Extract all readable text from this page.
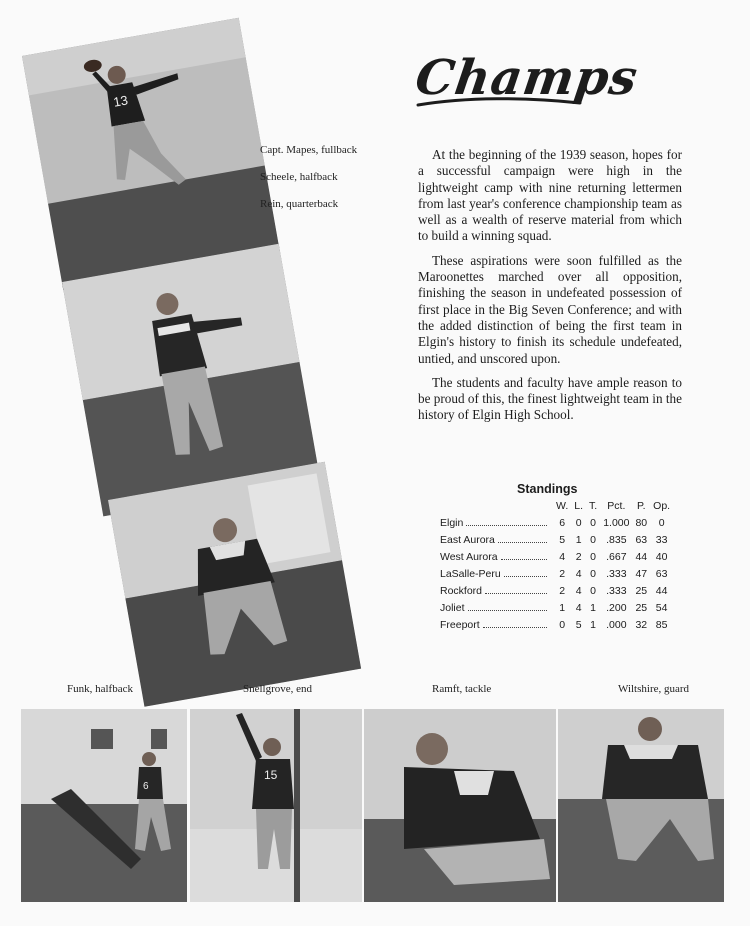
13
Capt. Mapes, fullback
Scheele, halfback
Rein, quarterback
Champs

At the beginning of the 1939 season, hopes for a successful campaign were high in the lightweight camp with nine returning lettermen from last year's conference championship team as well as a wealth of reserve material from which to build a winning squad.

These aspirations were soon fulfilled as the Maroonettes marched over all opposition, finishing the season in undefeated possession of first place in the Big Seven Conference; and with the added distinction of being the first team in Elgin's history to finish its schedule undefeated, untied, and unscored upon.

The students and faculty have ample reason to be proud of this, the finest lightweight team in the history of Elgin High School.

Standings
	W.	L.	T.	Pct.	P.	Op.
Elgin	6	0	0	1.000	80	0
East Aurora	5	1	0	.835	63	33
West Aurora	4	2	0	.667	44	40
LaSalle-Peru	2	4	0	.333	47	63
Rockford	2	4	0	.333	25	44
Joliet	1	4	1	.200	25	54
Freeport	0	5	1	.000	32	85
Funk, halfback	Snellgrove, end	Ramft, tackle	Wiltshire, guard
6
15
